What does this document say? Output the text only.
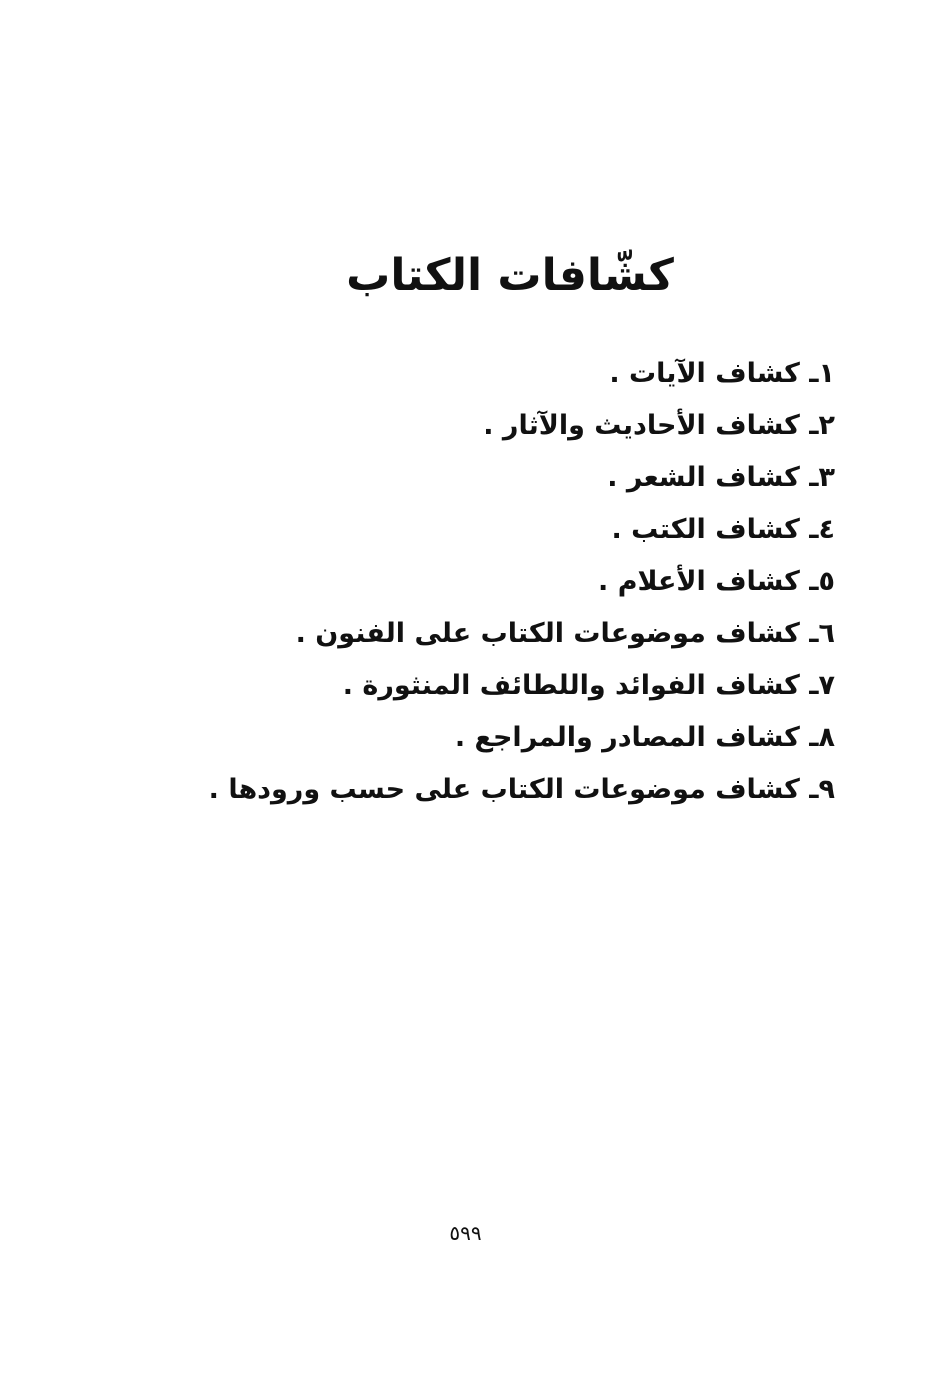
كشّافات الكتاب
١ـ كشاف الآيات .
٢ـ كشاف الأحاديث والآثار .
٣ـ كشاف الشعر .
٤ـ كشاف الكتب .
٥ـ كشاف الأعلام .
٦ـ كشاف موضوعات الكتاب على الفنون .
٧ـ كشاف الفوائد واللطائف المنثورة .
٨ـ كشاف المصادر والمراجع .
٩ـ كشاف موضوعات الكتاب على حسب ورودها .
٥٩٩
